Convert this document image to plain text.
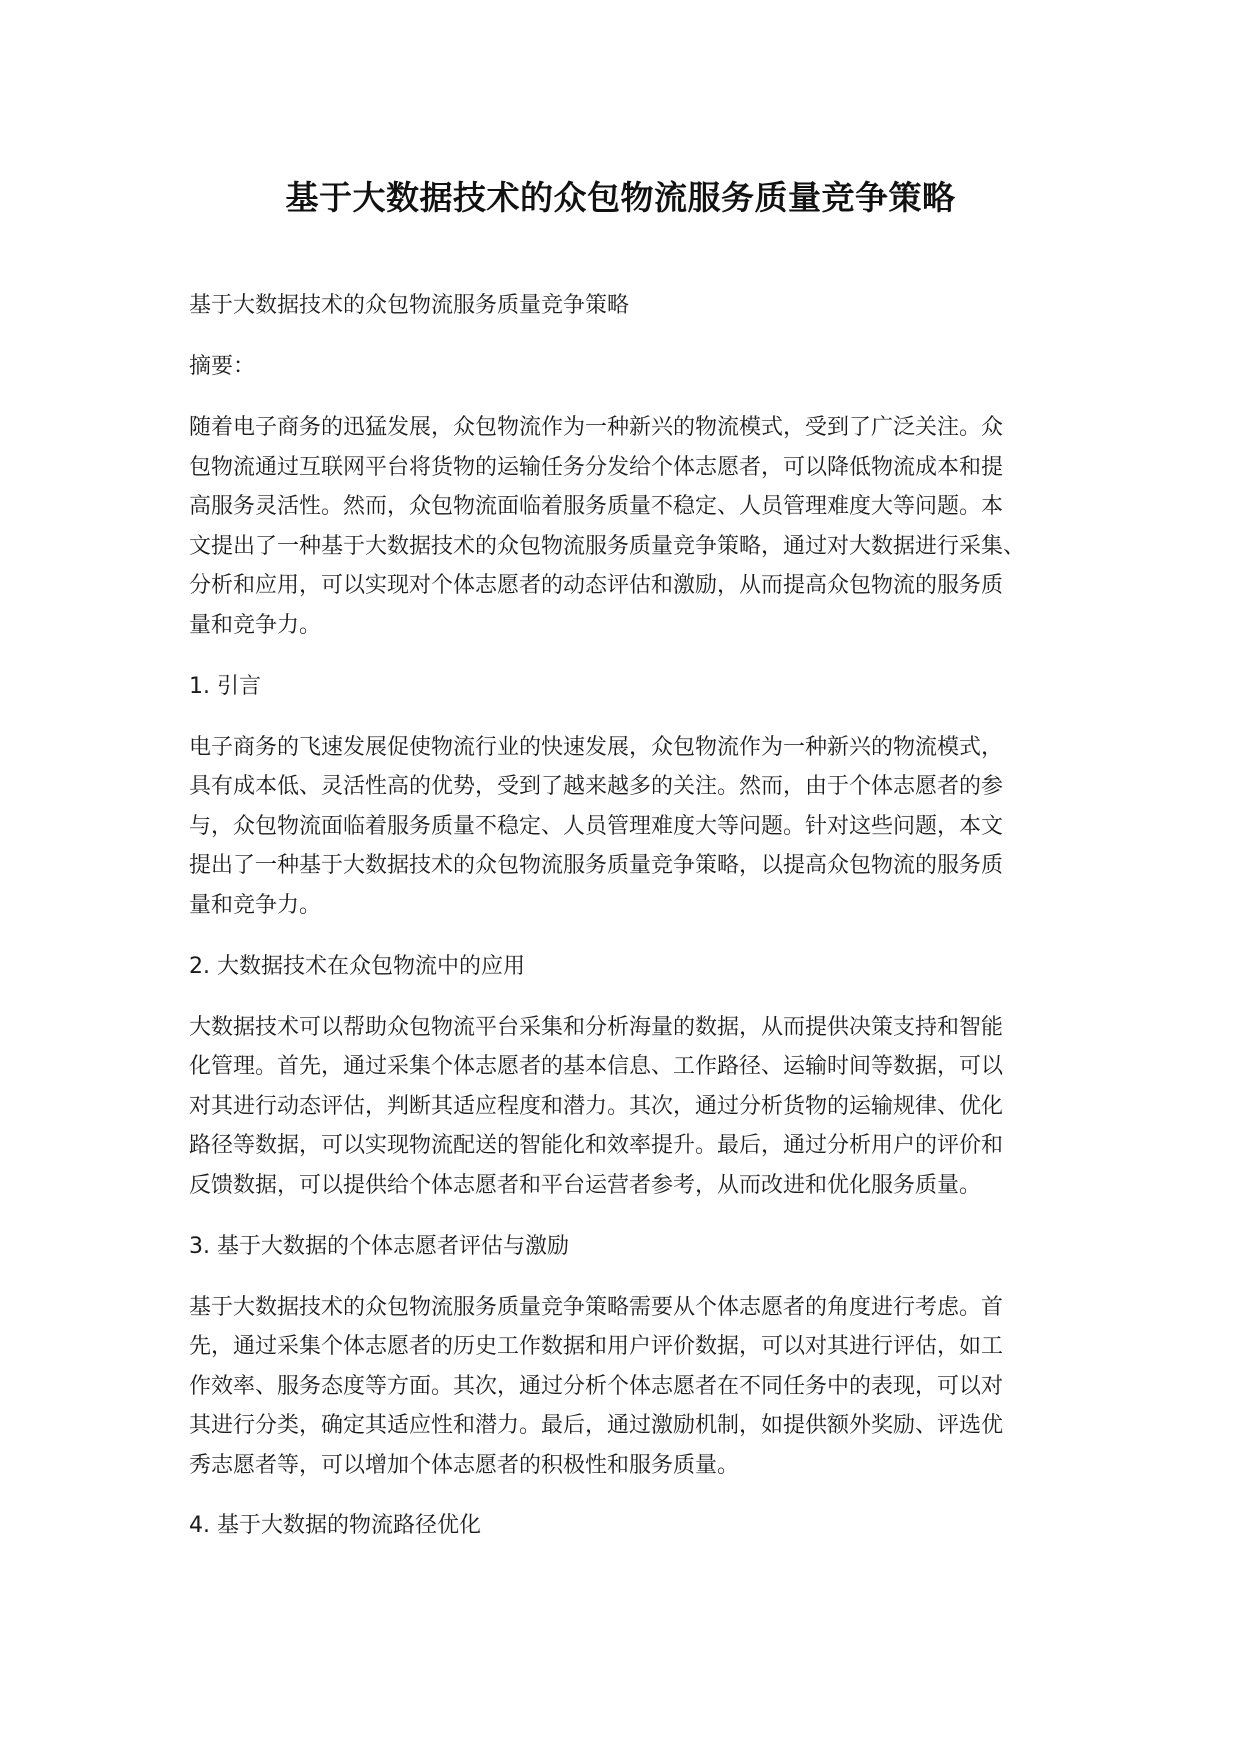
基于大数据技术的众包物流服务质量竞争策略
基于大数据技术的众包物流服务质量竞争策略
摘要：
随着电子商务的迅猛发展，众包物流作为一种新兴的物流模式，受到了广泛关注。众
包物流通过互联网平台将货物的运输任务分发给个体志愿者，可以降低物流成本和提
高服务灵活性。然而，众包物流面临着服务质量不稳定、人员管理难度大等问题。本
文提出了一种基于大数据技术的众包物流服务质量竞争策略，通过对大数据进行采集、
分析和应用，可以实现对个体志愿者的动态评估和激励，从而提高众包物流的服务质
量和竞争力。
1. 引言
电子商务的飞速发展促使物流行业的快速发展，众包物流作为一种新兴的物流模式，
具有成本低、灵活性高的优势，受到了越来越多的关注。然而，由于个体志愿者的参
与，众包物流面临着服务质量不稳定、人员管理难度大等问题。针对这些问题，本文
提出了一种基于大数据技术的众包物流服务质量竞争策略，以提高众包物流的服务质
量和竞争力。
2. 大数据技术在众包物流中的应用
大数据技术可以帮助众包物流平台采集和分析海量的数据，从而提供决策支持和智能
化管理。首先，通过采集个体志愿者的基本信息、工作路径、运输时间等数据，可以
对其进行动态评估，判断其适应程度和潜力。其次，通过分析货物的运输规律、优化
路径等数据，可以实现物流配送的智能化和效率提升。最后，通过分析用户的评价和
反馈数据，可以提供给个体志愿者和平台运营者参考，从而改进和优化服务质量。
3. 基于大数据的个体志愿者评估与激励
基于大数据技术的众包物流服务质量竞争策略需要从个体志愿者的角度进行考虑。首
先，通过采集个体志愿者的历史工作数据和用户评价数据，可以对其进行评估，如工
作效率、服务态度等方面。其次，通过分析个体志愿者在不同任务中的表现，可以对
其进行分类，确定其适应性和潜力。最后，通过激励机制，如提供额外奖励、评选优
秀志愿者等，可以增加个体志愿者的积极性和服务质量。
4. 基于大数据的物流路径优化
